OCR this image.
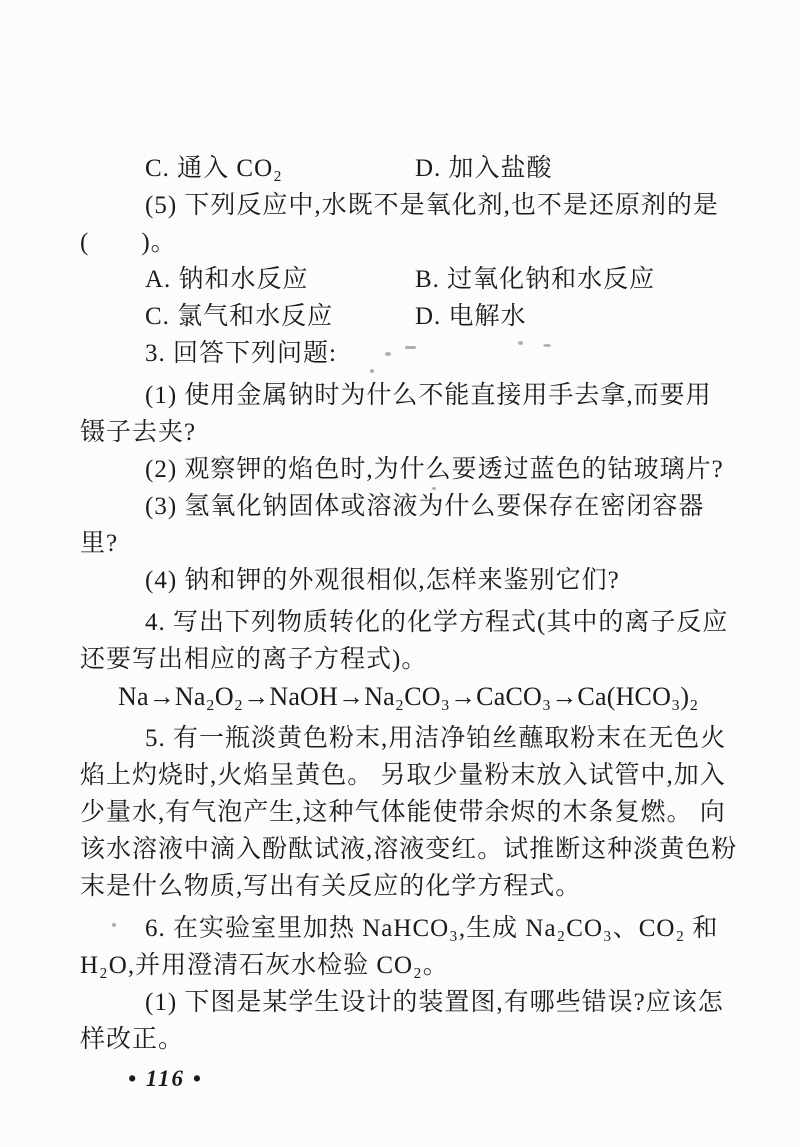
C. 通入 CO₂	D. 加入盐酸
(5) 下列反应中,水既不是氧化剂,也不是还原剂的是
(　　)。
A. 钠和水反应	B. 过氧化钠和水反应
C. 氯气和水反应	D. 电解水
3. 回答下列问题:
(1) 使用金属钠时为什么不能直接用手去拿,而要用
镊子去夹?
(2) 观察钾的焰色时,为什么要透过蓝色的钴玻璃片?
(3) 氢氧化钠固体或溶液为什么要保存在密闭容器
里?
(4) 钠和钾的外观很相似,怎样来鉴别它们?
4. 写出下列物质转化的化学方程式(其中的离子反应
还要写出相应的离子方程式)。
Na→Na₂O₂→NaOH→Na₂CO₃→CaCO₃→Ca(HCO₃)₂
5. 有一瓶淡黄色粉末,用洁净铂丝蘸取粉末在无色火
焰上灼烧时,火焰呈黄色。 另取少量粉末放入试管中,加入
少量水,有气泡产生,这种气体能使带余烬的木条复燃。 向
该水溶液中滴入酚酞试液,溶液变红。试推断这种淡黄色粉
末是什么物质,写出有关反应的化学方程式。
6. 在实验室里加热 NaHCO₃,生成 Na₂CO₃、CO₂ 和
H₂O,并用澄清石灰水检验 CO₂。
(1) 下图是某学生设计的装置图,有哪些错误?应该怎
样改正。
• 116 •
